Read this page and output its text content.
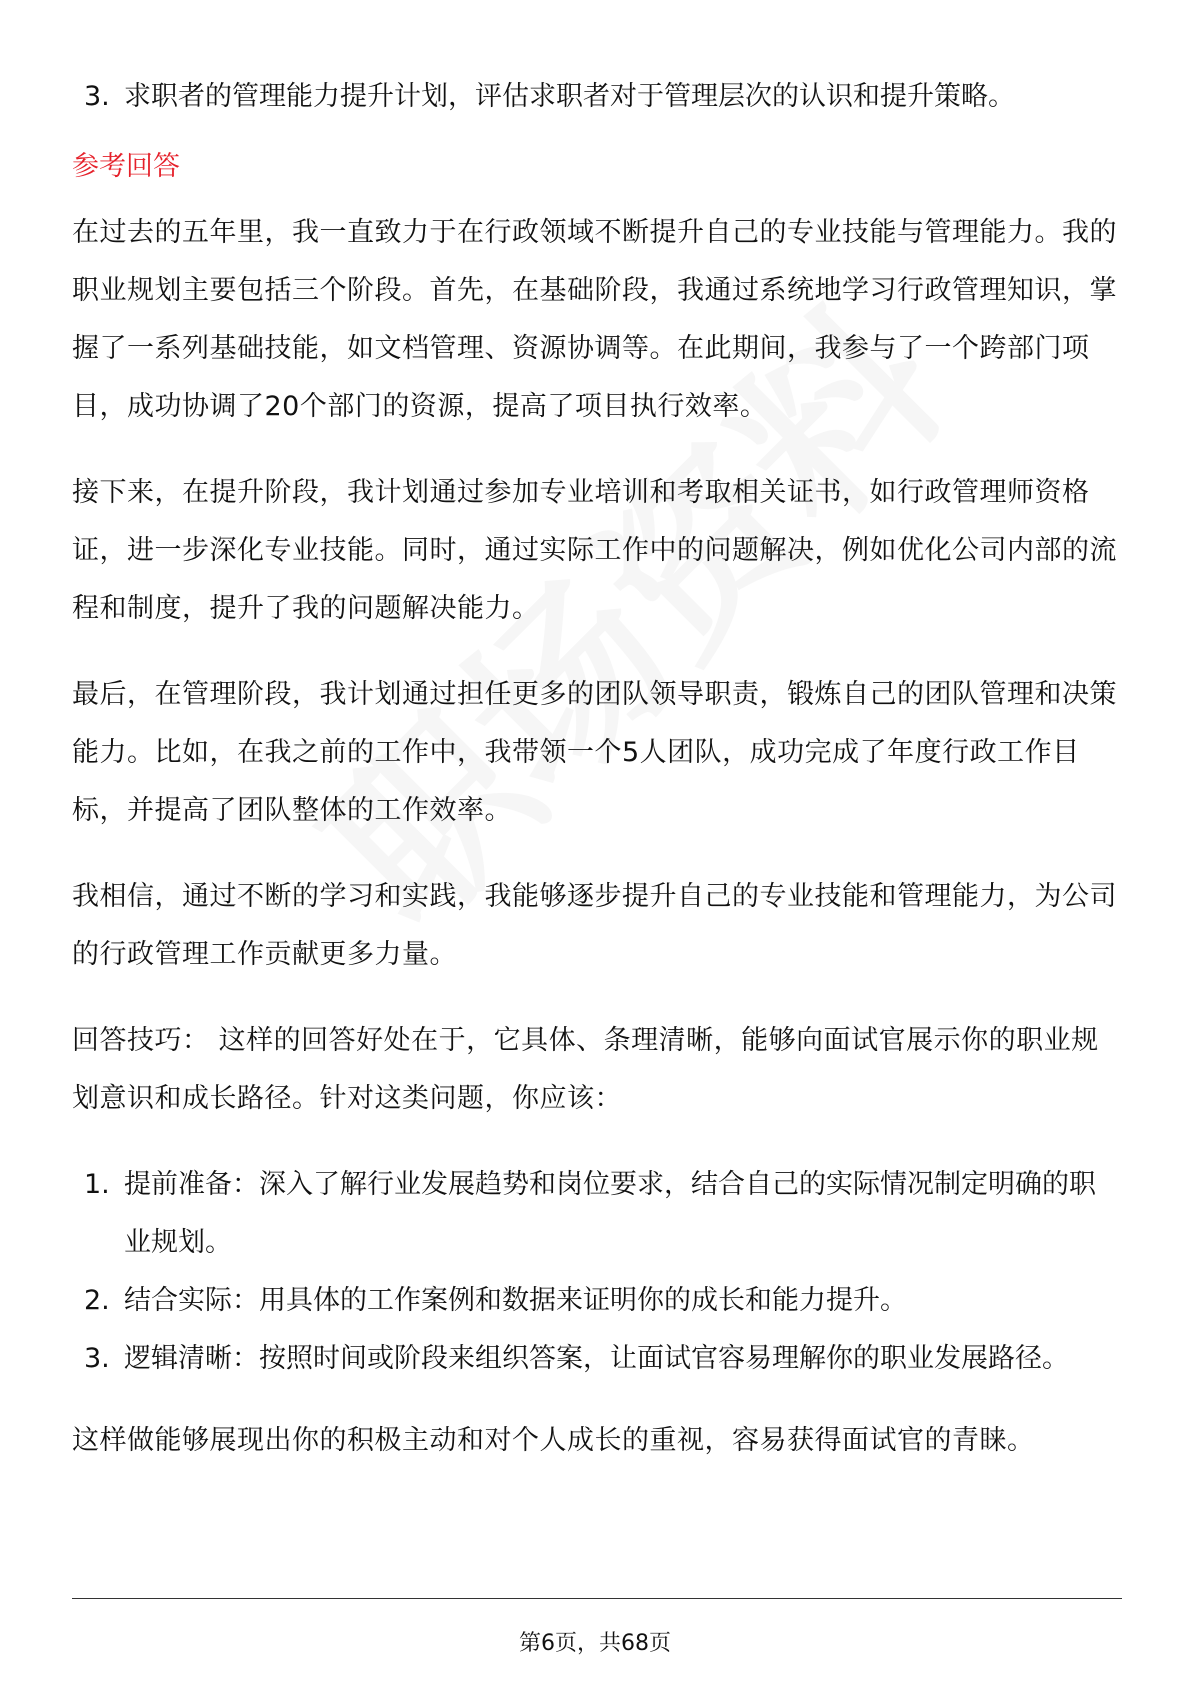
3. 求职者的管理能力提升计划，评估求职者对于管理层次的认识和提升策略。
参考回答

在过去的五年里，我一直致力于在行政领域不断提升自己的专业技能与管理能力。我的职业规划主要包括三个阶段。首先，在基础阶段，我通过系统地学习行政管理知识，掌握了一系列基础技能，如文档管理、资源协调等。在此期间，我参与了一个跨部门项目，成功协调了20个部门的资源，提高了项目执行效率。

接下来，在提升阶段，我计划通过参加专业培训和考取相关证书，如行政管理师资格证，进一步深化专业技能。同时，通过实际工作中的问题解决，例如优化公司内部的流程和制度，提升了我的问题解决能力。

最后，在管理阶段，我计划通过担任更多的团队领导职责，锻炼自己的团队管理和决策能力。比如，在我之前的工作中，我带领一个5人团队，成功完成了年度行政工作目标，并提高了团队整体的工作效率。

我相信，通过不断的学习和实践，我能够逐步提升自己的专业技能和管理能力，为公司的行政管理工作贡献更多力量。

回答技巧： 这样的回答好处在于，它具体、条理清晰，能够向面试官展示你的职业规划意识和成长路径。针对这类问题，你应该：

1. 提前准备：深入了解行业发展趋势和岗位要求，结合自己的实际情况制定明确的职业规划。
2. 结合实际：用具体的工作案例和数据来证明你的成长和能力提升。
3. 逻辑清晰：按照时间或阶段来组织答案，让面试官容易理解你的职业发展路径。

这样做能够展现出你的积极主动和对个人成长的重视，容易获得面试官的青睐。

第6页，共68页
